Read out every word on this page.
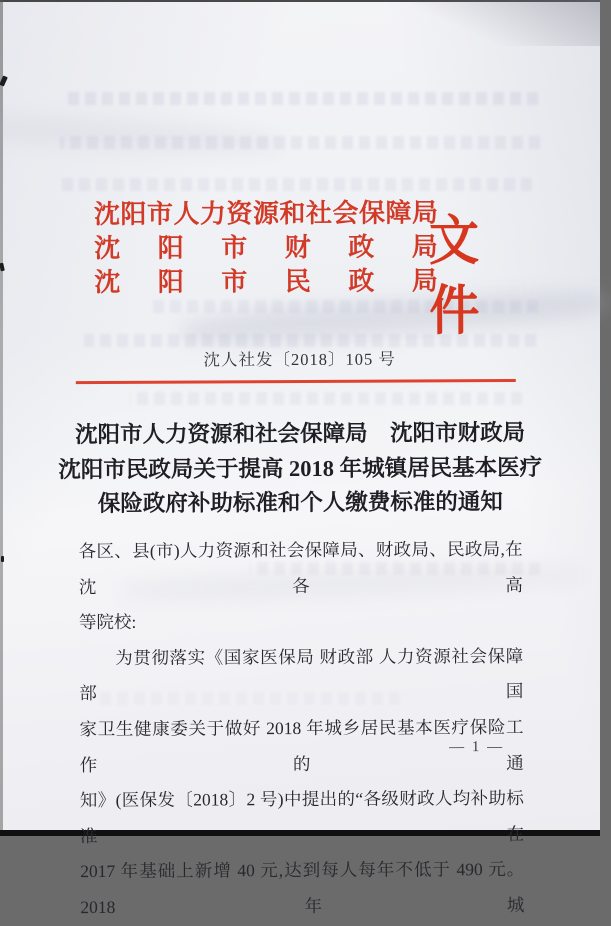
沈阳市人力资源和社会保障局
沈阳市财政局
沈阳市民政局
文件
沈人社发〔2018〕105 号
沈阳市人力资源和社会保障局　沈阳市财政局
沈阳市民政局关于提高 2018 年城镇居民基本医疗
保险政府补助标准和个人缴费标准的通知
各区、县(市)人力资源和社会保障局、财政局、民政局,在沈各高
等院校:
为贯彻落实《国家医保局 财政部 人力资源社会保障部 国
家卫生健康委关于做好 2018 年城乡居民基本医疗保险工作的通
知》(医保发〔2018〕2 号)中提出的“各级财政人均补助标准在
2017 年基础上新增 40 元,达到每人每年不低于 490 元。2018 年城
— 1 —
